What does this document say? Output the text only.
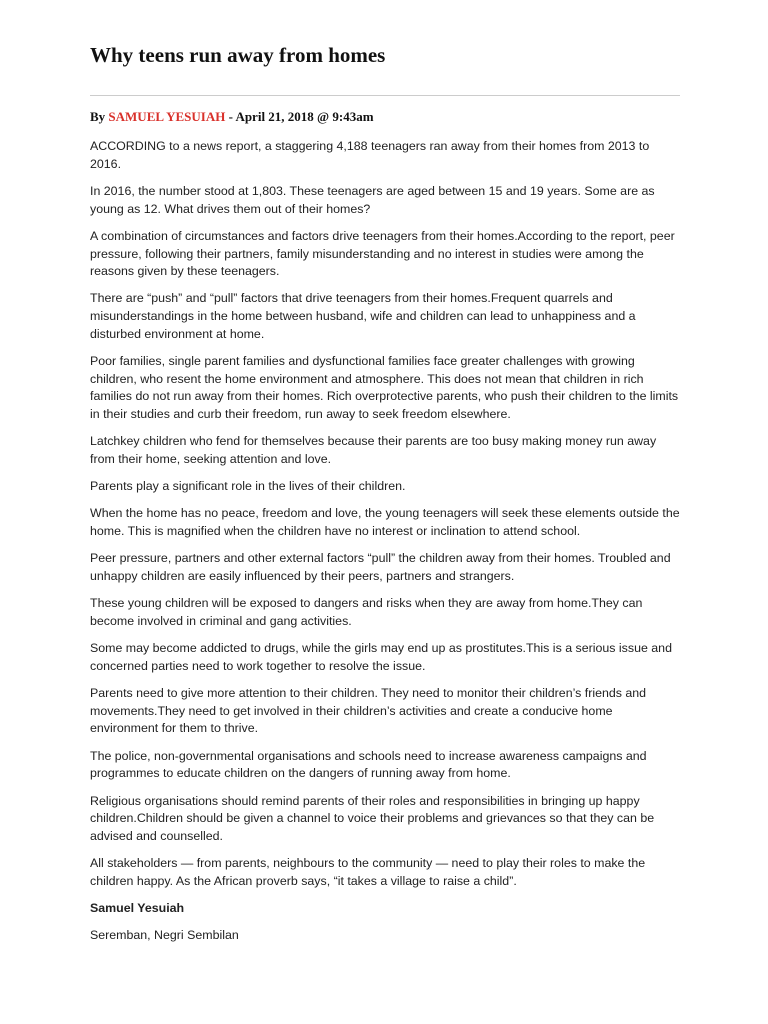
Why teens run away from homes
By SAMUEL YESUIAH - April 21, 2018 @ 9:43am

ACCORDING to a news report, a staggering 4,188 teenagers ran away from their homes from 2013 to 2016.

In 2016, the number stood at 1,803. These teenagers are aged between 15 and 19 years. Some are as young as 12. What drives them out of their homes?

A combination of circumstances and factors drive teenagers from their homes.According to the report, peer pressure, following their partners, family misunderstanding and no interest in studies were among the reasons given by these teenagers.

There are “push” and “pull” factors that drive teenagers from their homes.Frequent quarrels and misunderstandings in the home between husband, wife and children can lead to unhappiness and a disturbed environment at home.

Poor families, single parent families and dysfunctional families face greater challenges with growing children, who resent the home environment and atmosphere. This does not mean that children in rich families do not run away from their homes. Rich overprotective parents, who push their children to the limits in their studies and curb their freedom, run away to seek freedom elsewhere.

Latchkey children who fend for themselves because their parents are too busy making money run away from their home, seeking attention and love.

Parents play a significant role in the lives of their children.

When the home has no peace, freedom and love, the young teenagers will seek these elements outside the home. This is magnified when the children have no interest or inclination to attend school.

Peer pressure, partners and other external factors “pull” the children away from their homes. Troubled and unhappy children are easily influenced by their peers, partners and strangers.

These young children will be exposed to dangers and risks when they are away from home.They can become involved in criminal and gang activities.

Some may become addicted to drugs, while the girls may end up as prostitutes.This is a serious issue and concerned parties need to work together to resolve the issue.

Parents need to give more attention to their children. They need to monitor their children’s friends and movements.They need to get involved in their children’s activities and create a conducive home environment for them to thrive.

The police, non-governmental organisations and schools need to increase awareness campaigns and programmes to educate children on the dangers of running away from home.

Religious organisations should remind parents of their roles and responsibilities in bringing up happy children.Children should be given a channel to voice their problems and grievances so that they can be advised and counselled.

All stakeholders — from parents, neighbours to the community — need to play their roles to make the children happy. As the African proverb says, “it takes a village to raise a child”.

Samuel Yesuiah

Seremban, Negri Sembilan
